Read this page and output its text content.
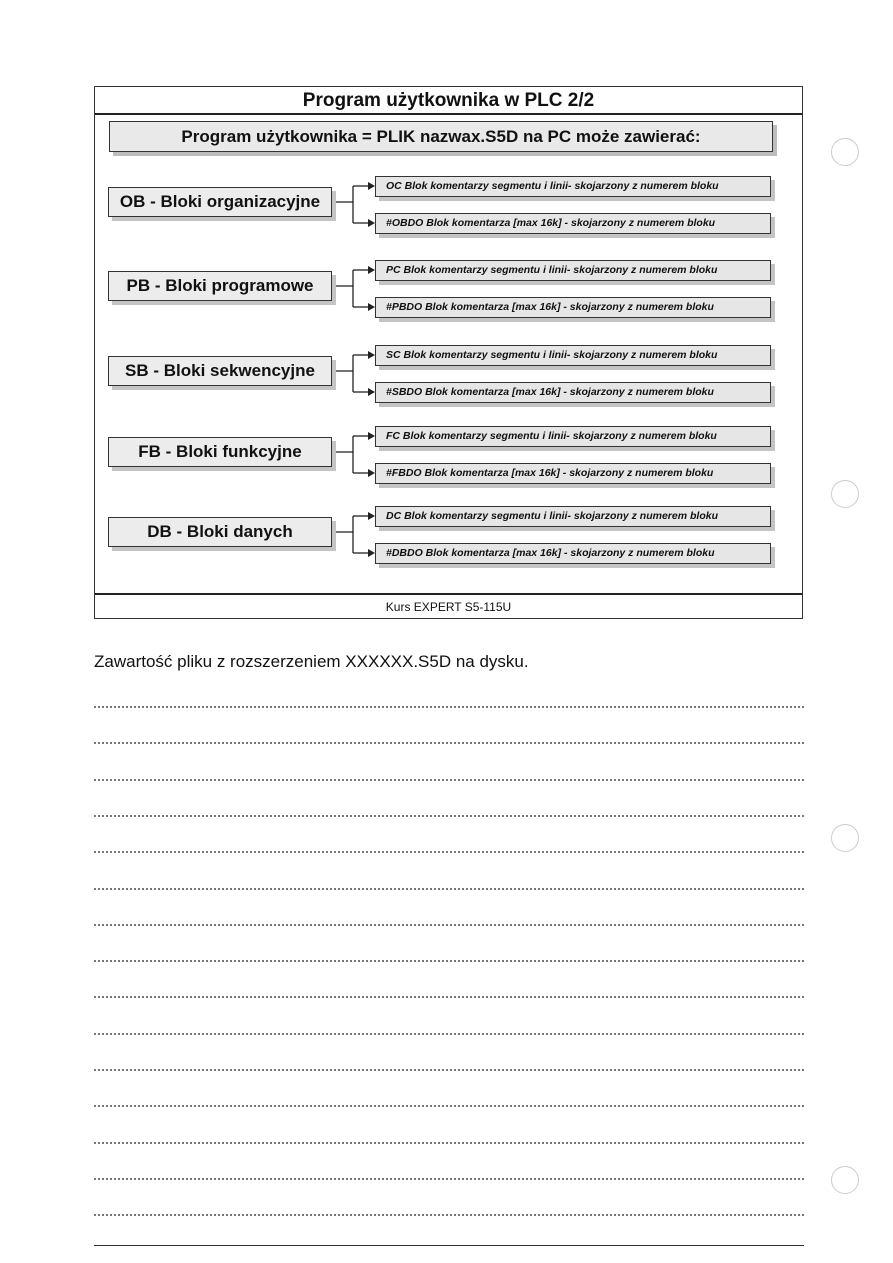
Program użytkownika w PLC 2/2
Program użytkownika = PLIK nazwax.S5D na PC może zawierać:
OB - Bloki organizacyjne
OC Blok komentarzy segmentu i linii- skojarzony z numerem bloku
#OBDO Blok komentarza [max 16k] - skojarzony z numerem bloku
PB - Bloki programowe
PC Blok komentarzy segmentu i linii- skojarzony z numerem bloku
#PBDO Blok komentarza [max 16k] - skojarzony z numerem bloku
SB - Bloki sekwencyjne
SC Blok komentarzy segmentu i linii- skojarzony z numerem bloku
#SBDO Blok komentarza [max 16k] - skojarzony z numerem bloku
FB - Bloki funkcyjne
FC Blok komentarzy segmentu i linii- skojarzony z numerem bloku
#FBDO Blok komentarza [max 16k] - skojarzony z numerem bloku
DB - Bloki danych
DC Blok komentarzy segmentu i linii- skojarzony z numerem bloku
#DBDO Blok komentarza [max 16k] - skojarzony z numerem bloku
Kurs EXPERT S5-115U
Zawartość pliku z rozszerzeniem XXXXXX.S5D na dysku.
